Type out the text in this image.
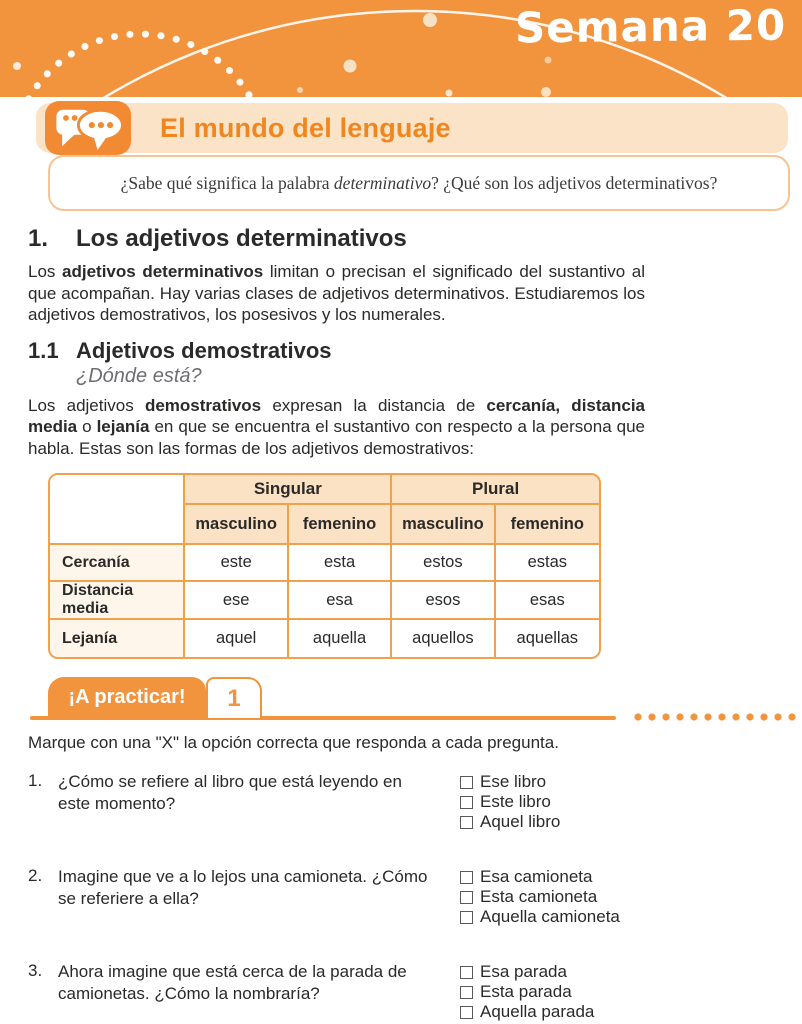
Semana 20
El mundo del lenguaje

¿Sabe qué significa la palabra determinativo? ¿Qué son los adjetivos determinativos?

1.	Los adjetivos determinativos

Los adjetivos determinativos limitan o precisan el significado del sustantivo al que acompañan. Hay varias clases de adjetivos determinativos. Estudiaremos los adjetivos demostrativos, los posesivos y los numerales.

1.1 Adjetivos demostrativos

¿Dónde está?

Los adjetivos demostrativos expresan la distancia de cercanía, distancia media o lejanía en que se encuentra el sustantivo con respecto a la persona que habla. Estas son las formas de los adjetivos demostrativos:

	Singular		Plural	
	masculino	femenino	masculino	femenino
Cercanía	este	esta	estos	estas
Distancia media	ese	esa	esos	esas
Lejanía	aquel	aquella	aquellos	aquellas
¡A practicar! 1

Marque con una "X" la opción correcta que responda a cada pregunta.

1. ¿Cómo se refiere al libro que está leyendo en este momento?
Ese libro
Este libro
Aquel libro
2. Imagine que ve a lo lejos una camioneta. ¿Cómo se referiere a ella?
Esa camioneta
Esta camioneta
Aquella camioneta
3. Ahora imagine que está cerca de la parada de camionetas. ¿Cómo la nombraría?
Esa parada
Esta parada
Aquella parada
